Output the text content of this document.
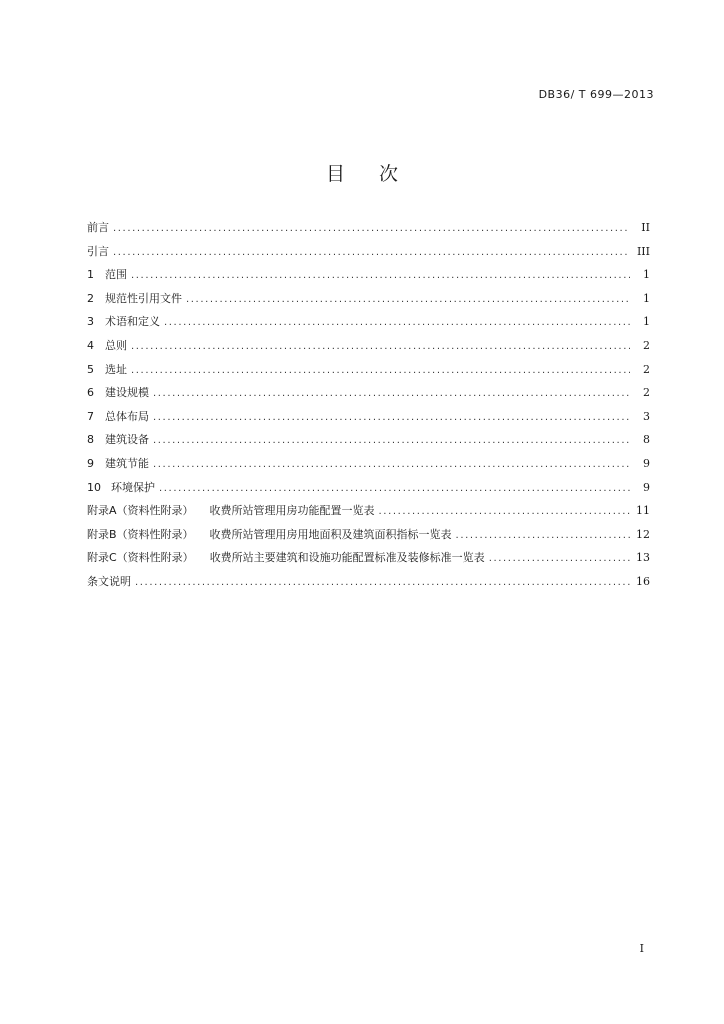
DB36/ T 699—2013
目 次
前言 .....	II
引言 .....	III
1	范围 .....	1
2	规范性引用文件 .....	1
3	术语和定义 .....	1
4	总则 .....	2
5	选址 .....	2
6	建设规模 .....	2
7	总体布局 .....	3
8	建筑设备 .....	8
9	建筑节能 .....	9
10 环境保护 .....	9
附录A（资料性附录） 收费所站管理用房功能配置一览表 .....	11
附录B（资料性附录） 收费所站管理用房用地面积及建筑面积指标一览表 .....	12
附录C（资料性附录） 收费所站主要建筑和设施功能配置标准及装修标准一览表 .....	13
条文说明 .....	16
I
